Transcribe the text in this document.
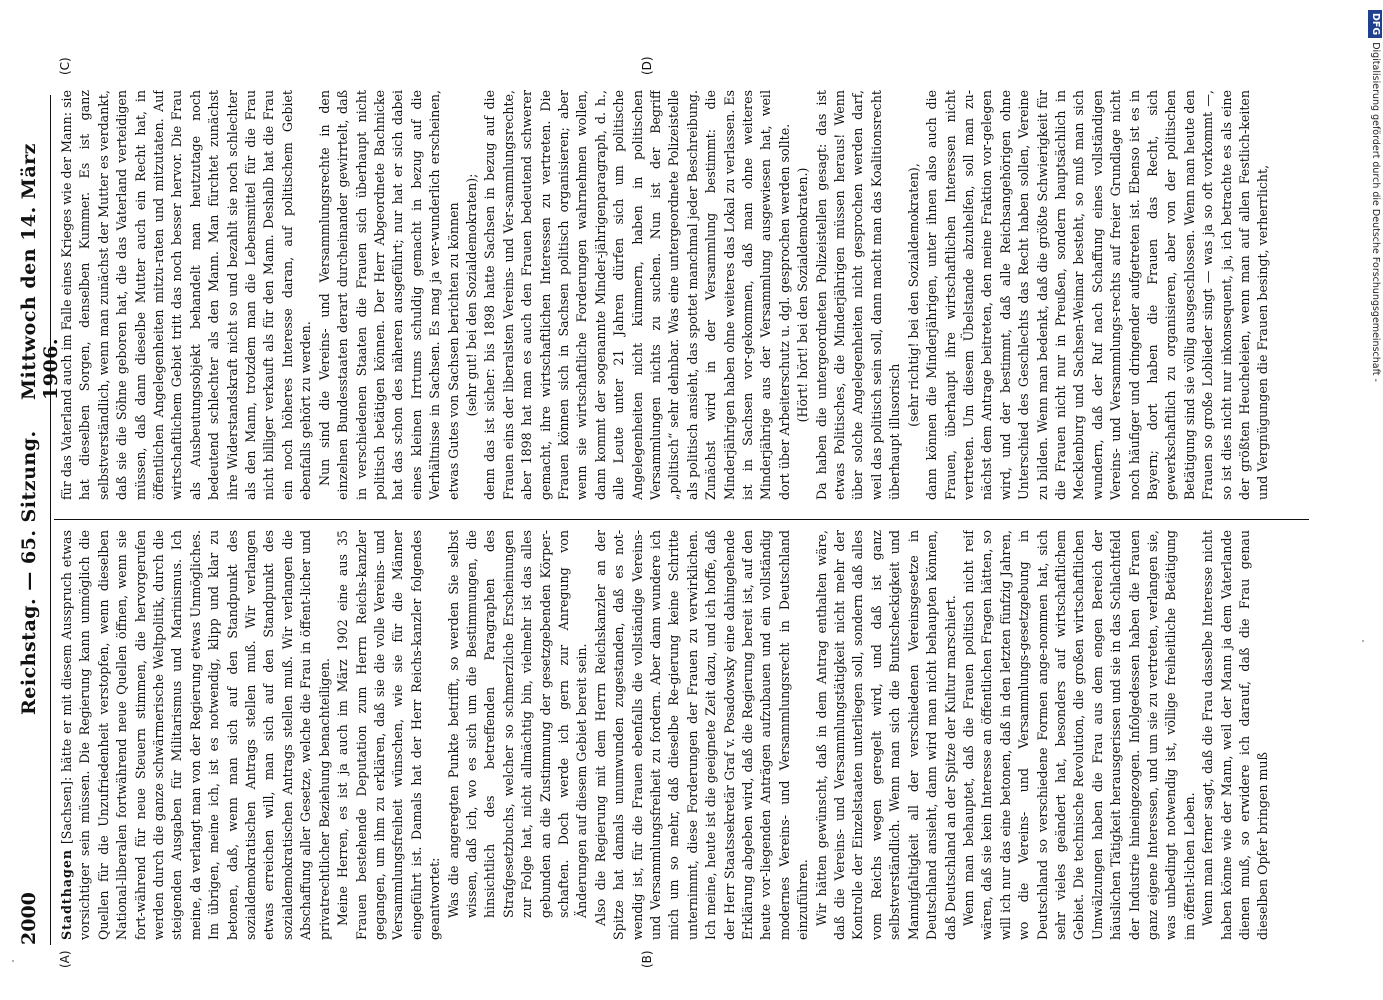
2000
Reichstag. — 65. Sitzung.
Mittwoch den 14. März 1906.
(A)	(B)
(C)	(D)

Stadthagen [Sachsen]: hätte er mit diesem Ausspruch etwas vorsichtiger sein müssen. Die Regierung kann unmöglich die Quellen für die Unzufriedenheit verstopfen, wenn dieselben National-liberalen fortwährend neue Quellen öffnen, wenn sie fort-während für neue Steuern stimmen, die hervorgerufen werden durch die ganze schwärmerische Weltpolitik, durch die steigenden Ausgaben für Militarismus und Marinismus. Ich meine, da verlangt man von der Regierung etwas Unmögliches. Im übrigen, meine ich, ist es notwendig, klipp und klar zu betonen, daß, wenn man sich auf den Standpunkt des sozialdemokratischen Antrags stellen muß. Wir verlangen etwas erreichen will, man sich auf den Standpunkt des sozialdemokratischen Antrags stellen muß. Wir verlangen die Abschaffung aller Gesetze, welche die Frau in öffent-licher und privatrechtlicher Beziehung benachteiligen. Meine Herren, es ist ja auch im März 1902 eine aus 35 Frauen bestehende Deputation zum Herrn Reichs-kanzler gegangen, um ihm zu erklären, daß sie die volle Vereins- und Versammlungsfreiheit wünschen, wie sie für die Männer eingeführt ist. Damals hat der Herr Reichs-kanzler folgendes geantwortet: Was die angeregten Punkte betrifft, so werden Sie selbst wissen, daß ich, wo es sich um die Bestimmungen, die hinsichtlich des betreffenden Paragraphen des Strafgesetzbuchs, welcher so schmerzliche Erscheinungen zur Folge hat, nicht allmächtig bin, vielmehr ist das alles gebunden an die Zustimmung der gesetzgebenden Körper-schaften. Doch werde ich gern zur Anregung von Änderungen auf diesem Gebiet bereit sein. Also die Regierung mit dem Herrn Reichskanzler an der Spitze hat damals unumwunden zugestanden, daß es not-wendig ist, für die Frauen ebenfalls die vollständige Vereins- und Versammlungsfreiheit zu fordern. Aber dann wundere ich mich um so mehr, daß dieselbe Re-gierung keine Schritte unternimmt, diese Forderungen der Frauen zu verwirklichen. Ich meine, heute ist die geeignete Zeit dazu, und ich hoffe, daß der Herr Staatssekretär Graf v. Posadowsky eine dahingehende Erklärung abgeben wird, daß die Regierung bereit ist, auf den heute vor-liegenden Anträgen aufzubauen und ein vollständig modernes Vereins- und Versammlungsrecht in Deutschland einzuführen. Wir hätten gewünscht, daß in dem Antrag enthalten wäre, daß die Vereins- und Versammlungstätigkeit nicht mehr der Kontrolle der Einzelstaaten unterliegen soll, sondern daß alles vom Reichs wegen geregelt wird, und daß ist ganz selbstverständlich. Wenn man sich die Buntscheckigkeit und Mannigfaltigkeit all der verschiedenen Vereinsgesetze in Deutschland ansieht, dann wird man nicht behaupten können, daß Deutschland an der Spitze der Kultur marschiert. Wenn man behauptet, daß die Frauen politisch nicht reif wären, daß sie kein Interesse an öffentlichen Fragen hätten, so will ich nur das eine betonen, daß in den letzten fünfzig Jahren, wo die Vereins- und Versammlungs-gesetzgebung in Deutschland so verschiedene Formen ange-nommen hat, sich sehr vieles geändert hat, besonders auf wirtschaftlichem Gebiet. Die technische Revolution, die großen wirtschaftlichen Umwälzungen haben die Frau aus dem engen Bereich der häuslichen Tätigkeit herausgerissen und sie in das Schlachtfeld der Industrie hineingezogen. Infolgedessen haben die Frauen ganz eigene Interessen, und um sie zu vertreten, verlangen sie, was unbedingt notwendig ist, völlige freiheitliche Betätigung im öffent-lichen Leben. Wenn man ferner sagt, daß die Frau dasselbe Interesse nicht haben könne wie der Mann, weil der Mann ja dem Vaterlande dienen muß, so erwidere ich darauf, daß die Frau genau dieselben Opfer bringen muß

für das Vaterland auch im Falle eines Krieges wie der Mann: sie hat dieselben Sorgen, denselben Kummer. Es ist ganz selbstverständlich, wenn man zunächst der Mutter es verdankt, daß sie die Söhne geboren hat, die das Vaterland verteidigen müssen, daß dann dieselbe Mutter auch ein Recht hat, in öffentlichen Angelegenheiten mitzu-raten und mitzutaten. Auf wirtschaftlichem Gebiet tritt das noch besser hervor. Die Frau als Ausbeutungsobjekt behandelt man heutzutage noch bedeutend schlechter als den Mann. Man fürchtet zunächst ihre Widerstandskraft nicht so und bezahlt sie noch schlechter als den Mann, trotzdem man die Lebensmittel für die Frau nicht billiger verkauft als für den Mann. Deshalb hat die Frau ein noch höheres Interesse daran, auf politischem Gebiet ebenfalls gehört zu werden. Nun sind die Vereins- und Versammlungsrechte in den einzelnen Bundesstaaten derart durcheinander gewirrtelt, daß in verschiedenen Staaten die Frauen sich überhaupt nicht politisch betätigen können. Der Herr Abgeordnete Bachnicke hat das schon des näheren ausgeführt; nur hat er sich dabei eines kleinen Irrtums schuldig gemacht in bezug auf die Verhältnisse in Sachsen. Es mag ja ver-wunderlich erscheinen, etwas Gutes von Sachsen berichten zu können (sehr gut! bei den Sozialdemokraten); denn das ist sicher: bis 1898 hatte Sachsen in bezug auf die Frauen eins der liberalsten Vereins- und Ver-sammlungsrechte, aber 1898 hat man es auch den Frauen bedeutend schwerer gemacht, ihre wirtschaftlichen Interessen zu vertreten. Die Frauen können sich in Sachsen politisch organisieren; aber wenn sie wirtschaftliche Forderungen wahrnehmen wollen, dann kommt der sogenannte Minder-jährigenparagraph, d. h., alle Leute unter 21 Jahren dürfen sich um politische Angelegenheiten nicht kümmern, haben in politischen Versammlungen nichts zu suchen. Nun ist der Begriff „politisch“ sehr dehnbar. Was eine untergeordnete Polizeistelle als politisch ansieht, das spottet manchmal jeder Beschreibung. Zunächst wird in der Versammlung bestimmt: die Minderjährigen haben ohne weiteres das Lokal zu verlassen. Es ist in Sachsen vor-gekommen, daß man ohne weiteres Minderjährige aus der Versammlung ausgewiesen hat, weil dort über Arbeiterschutz u. dgl. gesprochen werden sollte. (Hört! hört! bei den Sozialdemokraten.) Da haben die untergeordneten Polizeistellen gesagt: das ist etwas Politisches, die Minderjährigen müssen heraus! Wenn über solche Angelegenheiten nicht gesprochen werden darf, weil das politisch sein soll, dann macht man das Koalitionsrecht überhaupt illusorisch

(sehr richtig! bei den Sozialdemokraten), dann können die Minderjährigen, unter ihnen also auch die Frauen, überhaupt ihre wirtschaftlichen Interessen nicht vertreten. Um diesem Übelstande abzuhelfen, soll man zu-nächst dem Antrage beitreten, den meine Fraktion vor-gelegen wird, und der bestimmt, daß alle Reichsangehörigen ohne Unterschied des Geschlechts das Recht haben sollen, Vereine zu bilden. Wenn man bedenkt, daß die größte Schwierigkeit für die Frauen nicht nur in Preußen, sondern hauptsächlich in Mecklenburg und Sachsen-Weimar besteht, so muß man sich wundern, daß der Ruf nach Schaffung eines vollständigen Vereins- und Versammlungs-rechts auf freier Grundlage nicht noch häufiger und dringender aufgetreten ist. Ebenso ist es in Bayern; dort haben die Frauen das Recht, sich gewerkschaftlich zu organisieren, aber von der politischen Betätigung sind sie völlig ausgeschlossen. Wenn man heute den Frauen so große Loblieder singt — was ja so oft vorkommt —, so ist dies nicht nur inkonsequent, ja, ich betrachte es als eine der größten Heucheleien, wenn man auf allen Festlich-keiten und Vergnügungen die Frauen besingt, verherrlicht,

DFGDigitalisierung gefördert durch die Deutsche Forschungsgemeinschaft -
